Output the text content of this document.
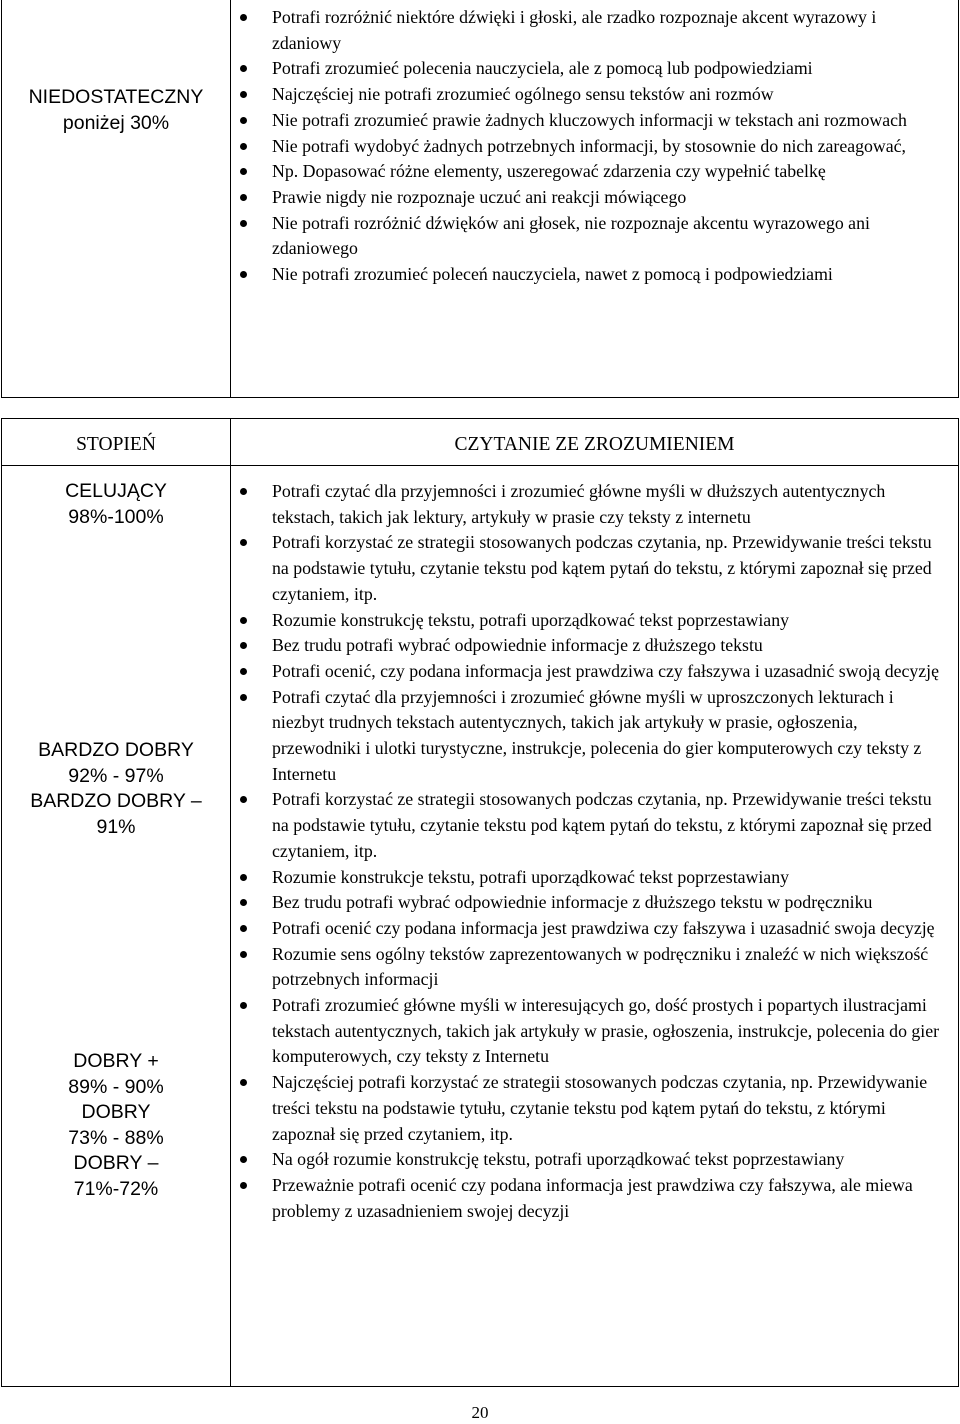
NIEDOSTATECZNY
poniżej 30%
Potrafi rozróżnić niektóre dźwięki i głoski, ale rzadko rozpoznaje akcent wyrazowy i zdaniowy
Potrafi zrozumieć polecenia nauczyciela, ale z pomocą lub podpowiedziami
Najczęściej nie potrafi zrozumieć ogólnego sensu tekstów ani rozmów
Nie potrafi zrozumieć prawie żadnych kluczowych informacji w tekstach ani rozmowach
Nie potrafi wydobyć żadnych potrzebnych informacji, by stosownie do nich zareagować,
Np. Dopasować różne elementy, uszeregować zdarzenia czy wypełnić tabelkę
Prawie nigdy nie rozpoznaje uczuć ani reakcji mówiącego
Nie potrafi rozróżnić dźwięków ani głosek, nie rozpoznaje akcentu wyrazowego ani zdaniowego
Nie potrafi zrozumieć poleceń nauczyciela, nawet z pomocą i podpowiedziami
STOPIEŃ	CZYTANIE ZE ZROZUMIENIEM
CELUJĄCY
98%-100%
BARDZO DOBRY
92% - 97%
BARDZO DOBRY –
91%
DOBRY +
89% - 90%
DOBRY
73% - 88%
DOBRY –
71%-72%
Potrafi czytać dla przyjemności i zrozumieć główne myśli w dłuższych autentycznych tekstach, takich jak lektury, artykuły w prasie czy teksty z internetu
Potrafi korzystać ze strategii stosowanych podczas czytania, np. Przewidywanie treści tekstu na podstawie tytułu, czytanie tekstu pod kątem pytań do tekstu, z którymi zapoznał się przed czytaniem, itp.
Rozumie konstrukcję tekstu, potrafi uporządkować tekst poprzestawiany
Bez trudu potrafi wybrać odpowiednie informacje z dłuższego tekstu
Potrafi ocenić, czy podana informacja jest prawdziwa czy fałszywa i uzasadnić swoją decyzję
Potrafi czytać dla przyjemności i zrozumieć główne myśli w uproszczonych lekturach i niezbyt trudnych tekstach autentycznych, takich jak artykuły w prasie, ogłoszenia, przewodniki i ulotki turystyczne, instrukcje, polecenia do gier komputerowych czy teksty z Internetu
Potrafi korzystać ze strategii stosowanych podczas czytania, np. Przewidywanie treści tekstu na podstawie tytułu, czytanie tekstu pod kątem pytań do tekstu, z którymi zapoznał się przed czytaniem, itp.
Rozumie konstrukcje tekstu, potrafi uporządkować tekst poprzestawiany
Bez trudu potrafi wybrać odpowiednie informacje z dłuższego tekstu w podręczniku
Potrafi ocenić czy podana informacja jest prawdziwa czy fałszywa i uzasadnić swoja decyzję
Rozumie sens ogólny tekstów zaprezentowanych w podręczniku i znaleźć w nich większość potrzebnych informacji
Potrafi zrozumieć główne myśli w interesujących go, dość prostych i popartych ilustracjami tekstach autentycznych, takich jak artykuły w prasie, ogłoszenia, instrukcje, polecenia do gier komputerowych, czy teksty z Internetu
Najczęściej potrafi korzystać ze strategii stosowanych podczas czytania, np. Przewidywanie treści tekstu na podstawie tytułu, czytanie tekstu pod kątem pytań do tekstu, z którymi zapoznał się przed czytaniem, itp.
Na ogół rozumie konstrukcję tekstu, potrafi uporządkować tekst poprzestawiany
Przeważnie potrafi ocenić czy podana informacja jest prawdziwa czy fałszywa, ale miewa problemy z uzasadnieniem swojej decyzji
20
